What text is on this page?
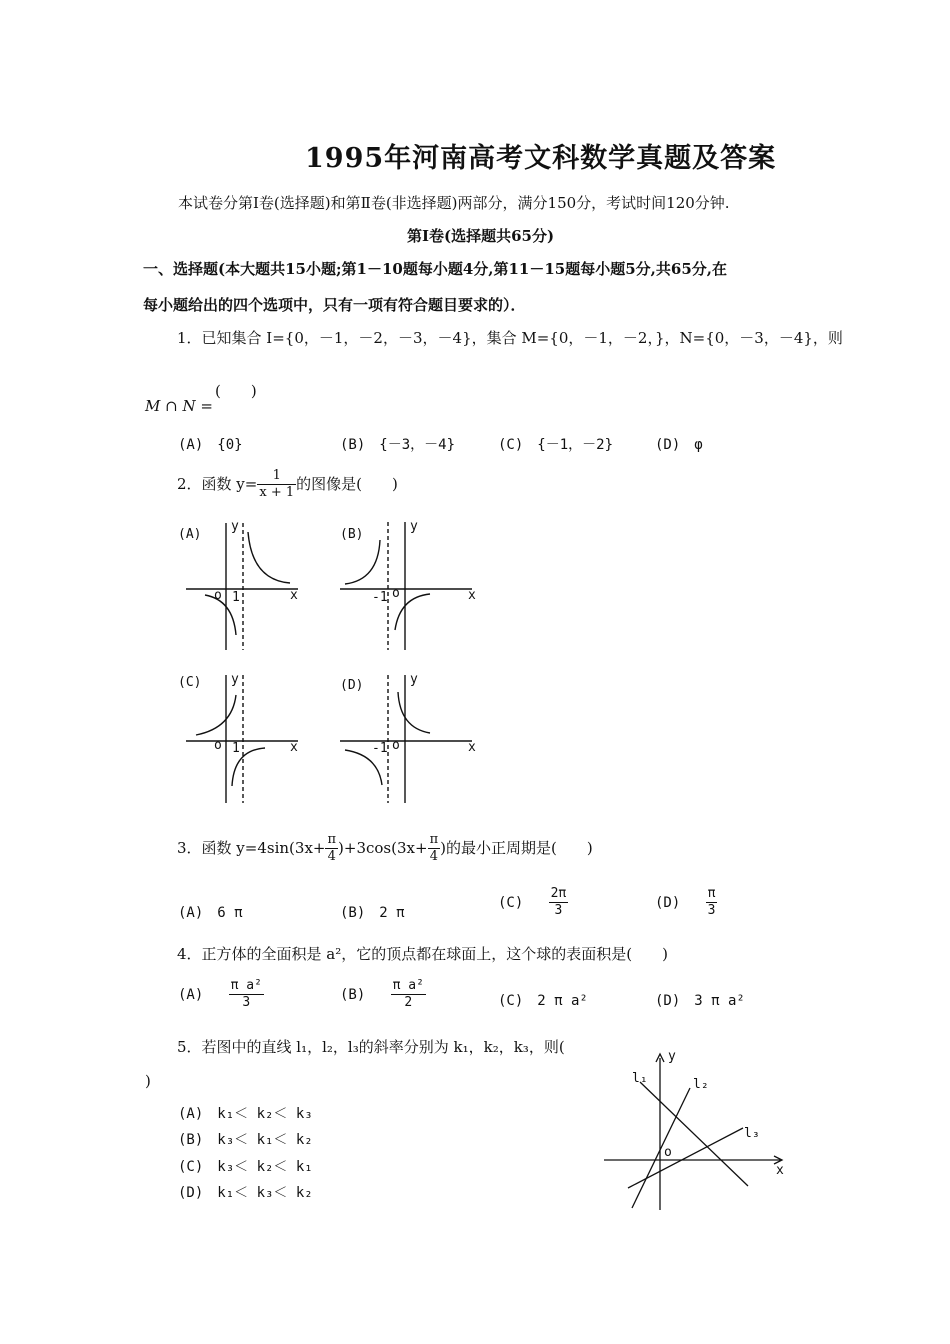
1995年河南高考文科数学真题及答案
本试卷分第Ⅰ卷(选择题)和第Ⅱ卷(非选择题)两部分，满分150分，考试时间120分钟.
第Ⅰ卷(选择题共65分)
一、选择题(本大题共15小题;第1－10题每小题4分,第11－15题每小题5分,共65分,在
每小题给出的四个选项中，只有一项有符合题目要求的）．
1．已知集合 I={0，－1，－2，－3，－4}，集合 M={0，－1，－2，}，N={0，－3，－4}，则
(　　)
M ∩ N =
(A)　{0}	(B)　{－3，－4}	(C)　{－1，－2}	(D)　φ
2．函数 $y= \frac{1}{x + 1}$ 的图像是(　　)
(A)
y
x
o 1
(B)
y
x
o
-1
(C) y
x
o 1
(D)	y
x
o
-1
y
x
o
l₁	l₂
l₃
3．函数 $y=4\sin(3x+ \frac{\pi}{4} )+3\cos(3x+ \frac{\pi}{4}$ )的最小正周期是(　　)
(A)　6 π	(B)　2 π
$(C) \frac{2\pi}{3}$	$(D) \frac{\pi}{3}$
4．正方体的全面积是 a²，它的顶点都在球面上，这个球的表面积是(　　)
$(A) \frac{\text{π a²}}{3}$	$(B) \frac{\text{π a²}}{2}$	(C)　2 π a²	(D)　3 π a²
5．若图中的直线 l₁，l₂，l₃的斜率分别为 k₁，k₂，k₃，则(
)
(A)　k₁＜ k₂＜ k₃
(B)　k₃＜ k₁＜ k₂
(C)　k₃＜ k₂＜ k₁
(D)　k₁＜ k₃＜ k₂
